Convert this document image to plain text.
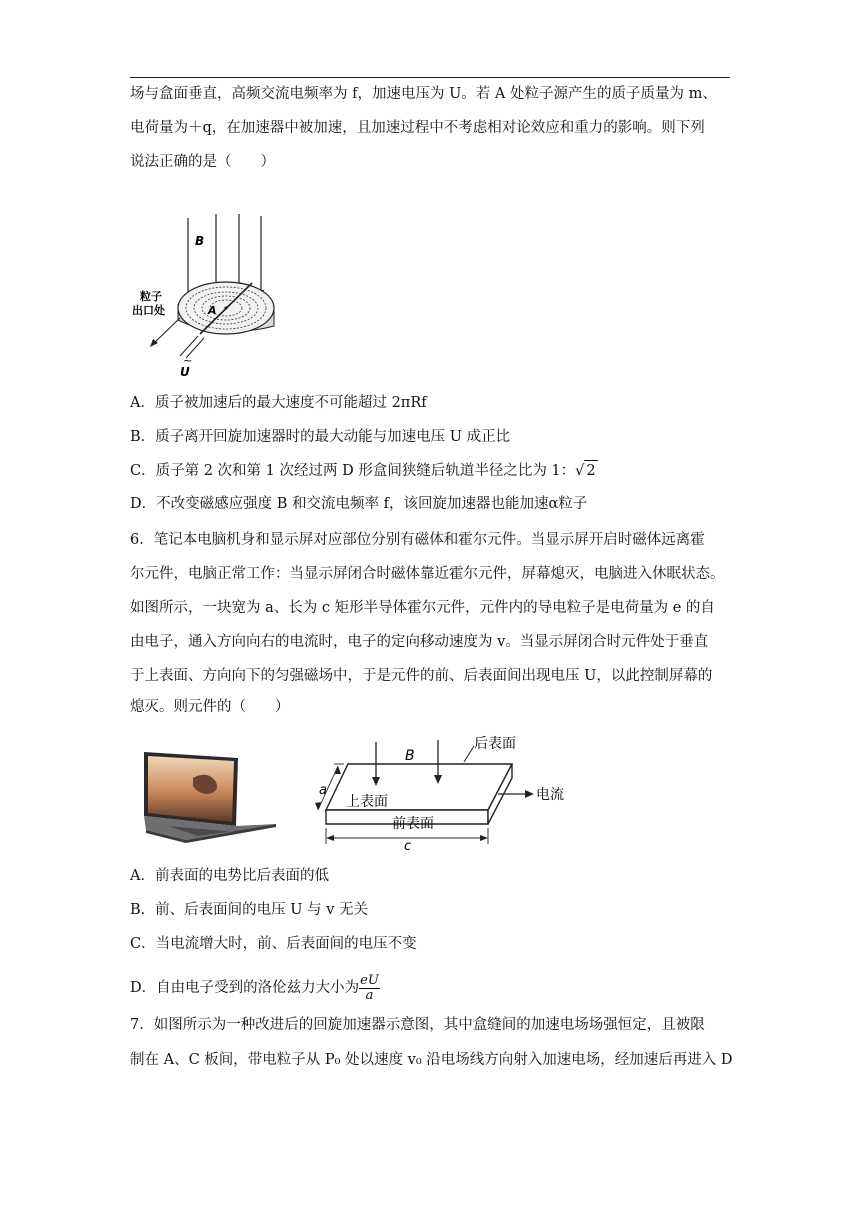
场与盒面垂直，高频交流电频率为 f，加速电压为 U。若 A 处粒子源产生的质子质量为 m、
电荷量为＋q，在加速器中被加速，且加速过程中不考虑相对论效应和重力的影响。则下列
说法正确的是（　　）
B
粒子
出口处	A
~
U
A．质子被加速后的最大速度不可能超过 2πRf
B．质子离开回旋加速器时的最大动能与加速电压 U 成正比
C．质子第 2 次和第 1 次经过两 D 形盒间狭缝后轨道半径之比为 1：√ 2
D．不改变磁感应强度 B 和交流电频率 f，该回旋加速器也能加速α粒子
6．笔记本电脑机身和显示屏对应部位分别有磁体和霍尔元件。当显示屏开启时磁体远离霍
尔元件，电脑正常工作：当显示屏闭合时磁体靠近霍尔元件，屏幕熄灭，电脑进入休眠状态。
如图所示，一块宽为 a、长为 c 矩形半导体霍尔元件，元件内的导电粒子是电荷量为 e 的自
由电子，通入方向向右的电流时，电子的定向移动速度为 v。当显示屏闭合时元件处于垂直
于上表面、方向向下的匀强磁场中，于是元件的前、后表面间出现电压 U，以此控制屏幕的
熄灭。则元件的（　　）
B
后表面
电流
上表面
前表面
a
c
A．前表面的电势比后表面的低
B．前、后表面间的电压 U 与 v 无关
C．当电流增大时，前、后表面间的电压不变
D．自由电子受到的洛伦兹力大小为 $\frac{eU}{a}$
7．如图所示为一种改进后的回旋加速器示意图，其中盒缝间的加速电场场强恒定，且被限
制在 A、C 板间，带电粒子从 P₀ 处以速度 v₀ 沿电场线方向射入加速电场，经加速后再进入 D
